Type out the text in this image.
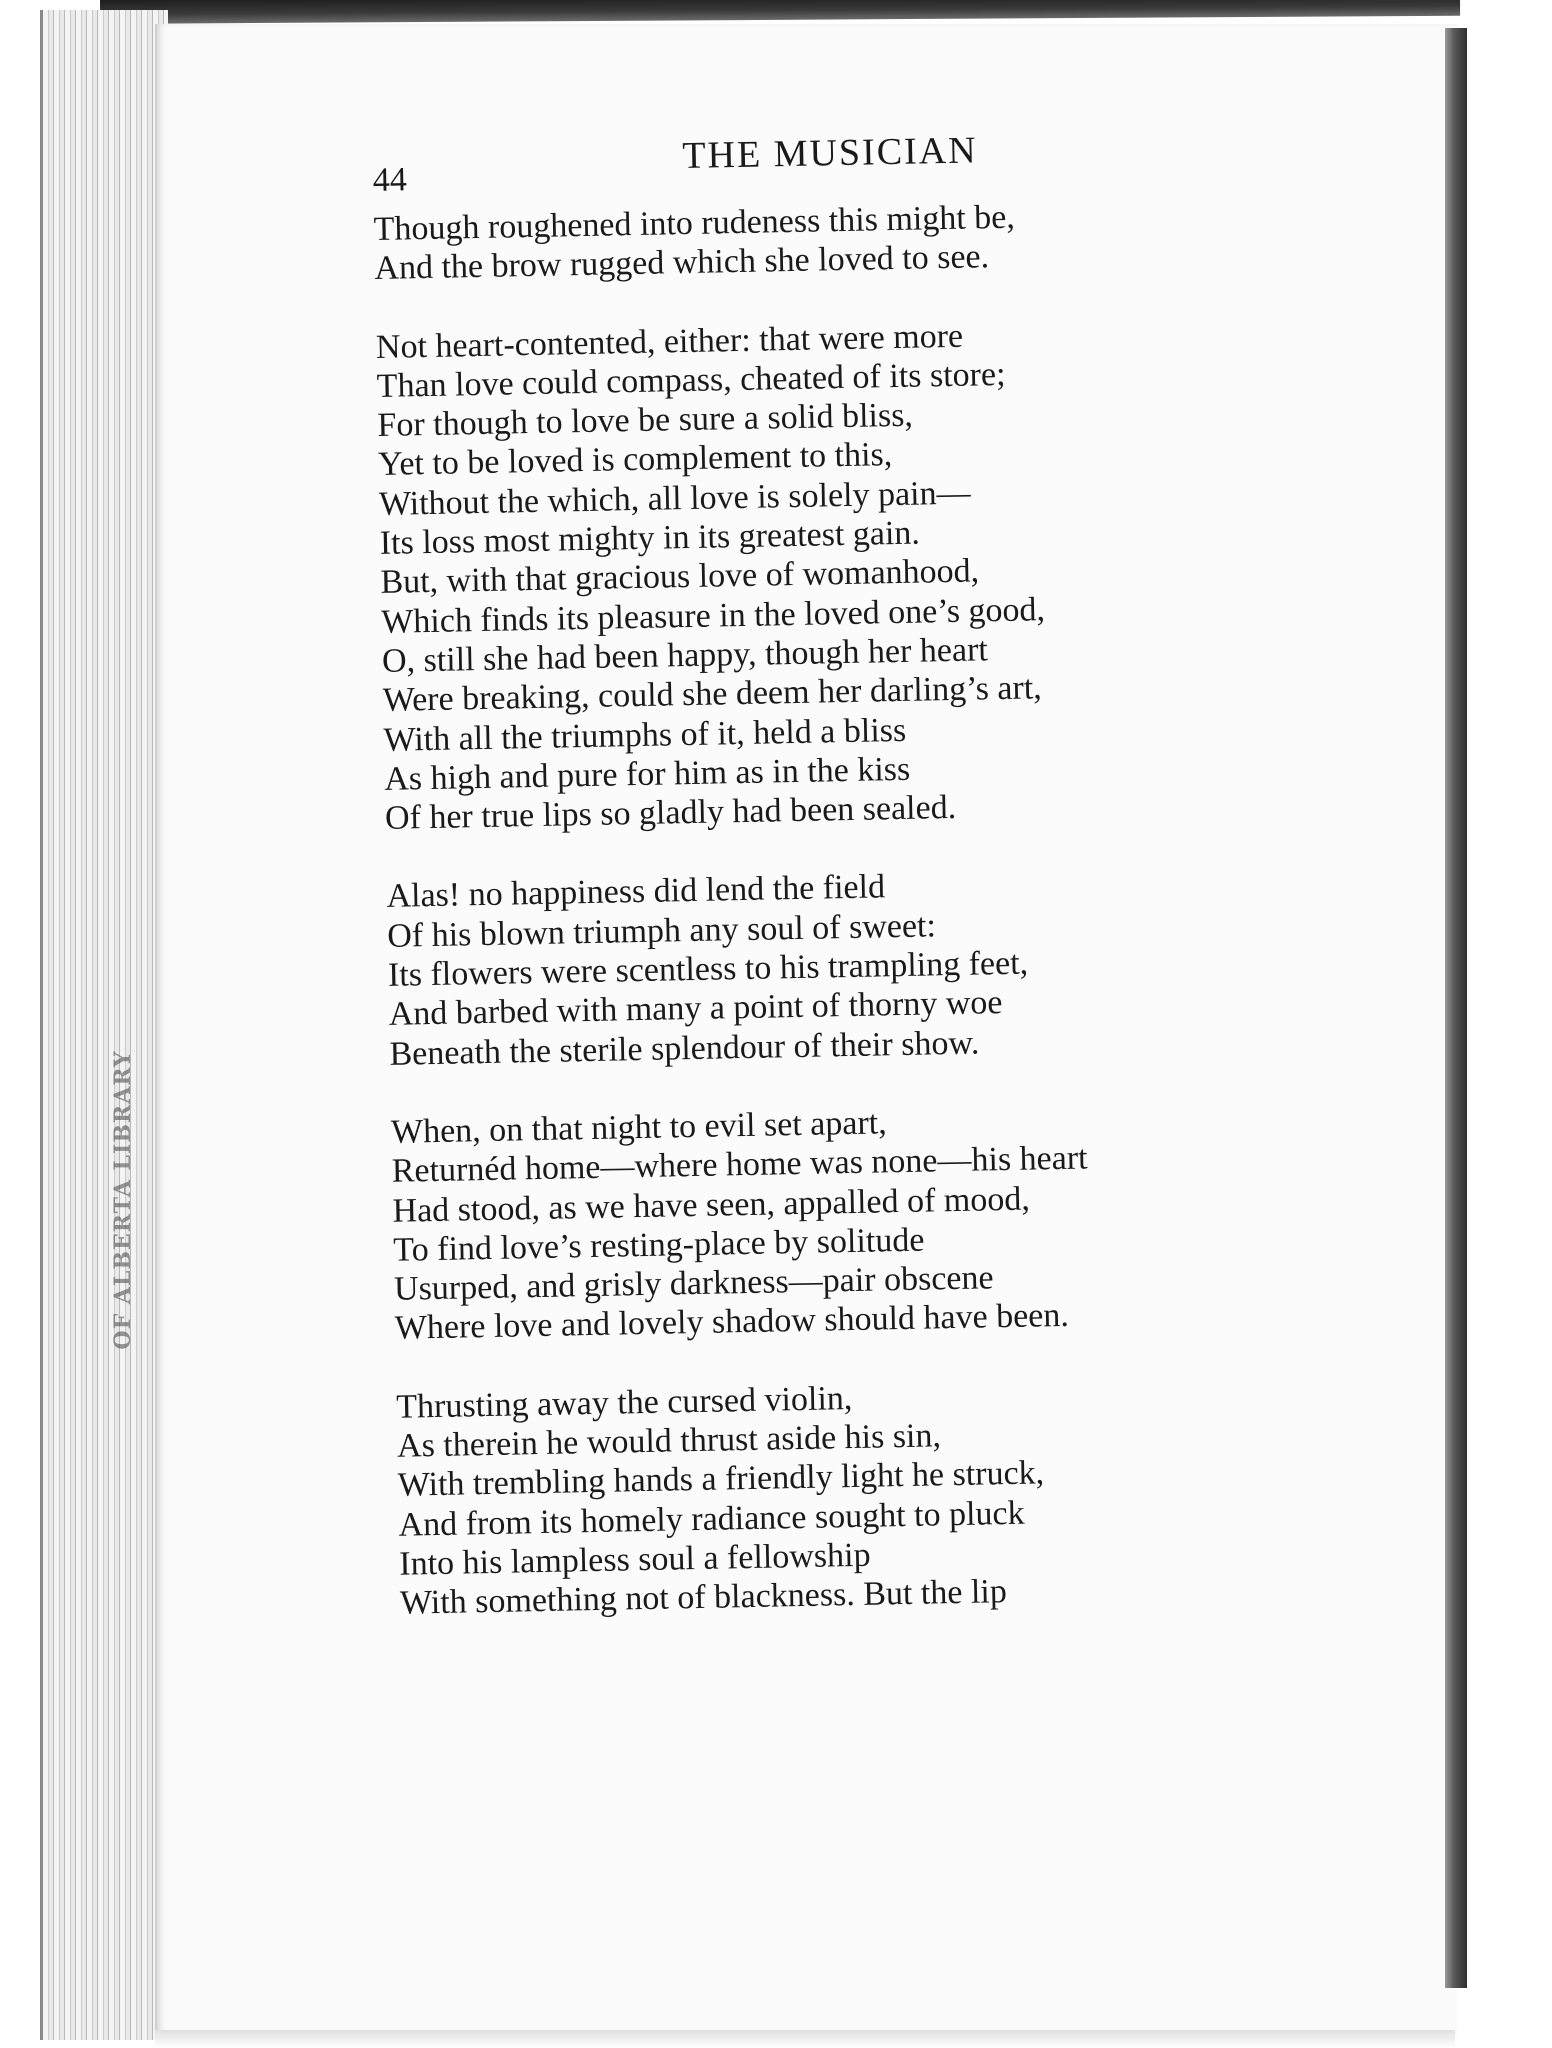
OF ALBERTA LIBRARY
44
THE MUSICIAN
Though roughened into rudeness this might be,
And the brow rugged which she loved to see.
Not heart-contented, either: that were more
Than love could compass, cheated of its store;
For though to love be sure a solid bliss,
Yet to be loved is complement to this,
Without the which, all love is solely pain—
Its loss most mighty in its greatest gain.
But, with that gracious love of womanhood,
Which finds its pleasure in the loved one’s good,
O, still she had been happy, though her heart
Were breaking, could she deem her darling’s art,
With all the triumphs of it, held a bliss
As high and pure for him as in the kiss
Of her true lips so gladly had been sealed.
Alas! no happiness did lend the field
Of his blown triumph any soul of sweet:
Its flowers were scentless to his trampling feet,
And barbed with many a point of thorny woe
Beneath the sterile splendour of their show.
When, on that night to evil set apart,
Returnéd home—where home was none—his heart
Had stood, as we have seen, appalled of mood,
To find love’s resting-place by solitude
Usurped, and grisly darkness—pair obscene
Where love and lovely shadow should have been.
Thrusting away the cursed violin,
As therein he would thrust aside his sin,
With trembling hands a friendly light he struck,
And from its homely radiance sought to pluck
Into his lampless soul a fellowship
With something not of blackness. But the lip
